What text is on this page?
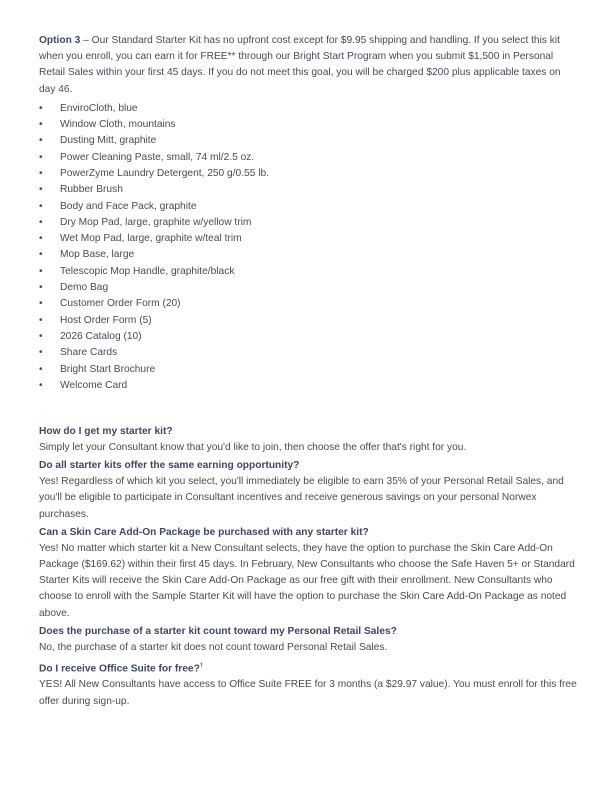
Option 3 – Our Standard Starter Kit has no upfront cost except for $9.95 shipping and handling. If you select this kit when you enroll, you can earn it for FREE** through our Bright Start Program when you submit $1,500 in Personal Retail Sales within your first 45 days. If you do not meet this goal, you will be charged $200 plus applicable taxes on day 46.

• EnviroCloth, blue
• Window Cloth, mountains
• Dusting Mitt, graphite
• Power Cleaning Paste, small, 74 ml/2.5 oz.
• PowerZyme Laundry Detergent, 250 g/0.55 lb.
• Rubber Brush
• Body and Face Pack, graphite
• Dry Mop Pad, large, graphite w/yellow trim
• Wet Mop Pad, large, graphite w/teal trim
• Mop Base, large
• Telescopic Mop Handle, graphite/black
• Demo Bag
• Customer Order Form (20)
• Host Order Form (5)
• 2026 Catalog (10)
• Share Cards
• Bright Start Brochure
• Welcome Card

How do I get my starter kit?

Simply let your Consultant know that you'd like to join, then choose the offer that's right for you.

Do all starter kits offer the same earning opportunity?

Yes! Regardless of which kit you select, you'll immediately be eligible to earn 35% of your Personal Retail Sales, and you'll be eligible to participate in Consultant incentives and receive generous savings on your personal Norwex purchases.

Can a Skin Care Add-On Package be purchased with any starter kit?

Yes! No matter which starter kit a New Consultant selects, they have the option to purchase the Skin Care Add-On Package ($169.62) within their first 45 days. In February, New Consultants who choose the Safe Haven 5+ or Standard Starter Kits will receive the Skin Care Add-On Package as our free gift with their enrollment. New Consultants who choose to enroll with the Sample Starter Kit will have the option to purchase the Skin Care Add-On Package as noted above.

Does the purchase of a starter kit count toward my Personal Retail Sales?

No, the purchase of a starter kit does not count toward Personal Retail Sales.

Do I receive Office Suite for free?†

YES! All New Consultants have access to Office Suite FREE for 3 months (a $29.97 value). You must enroll for this free offer during sign-up.
